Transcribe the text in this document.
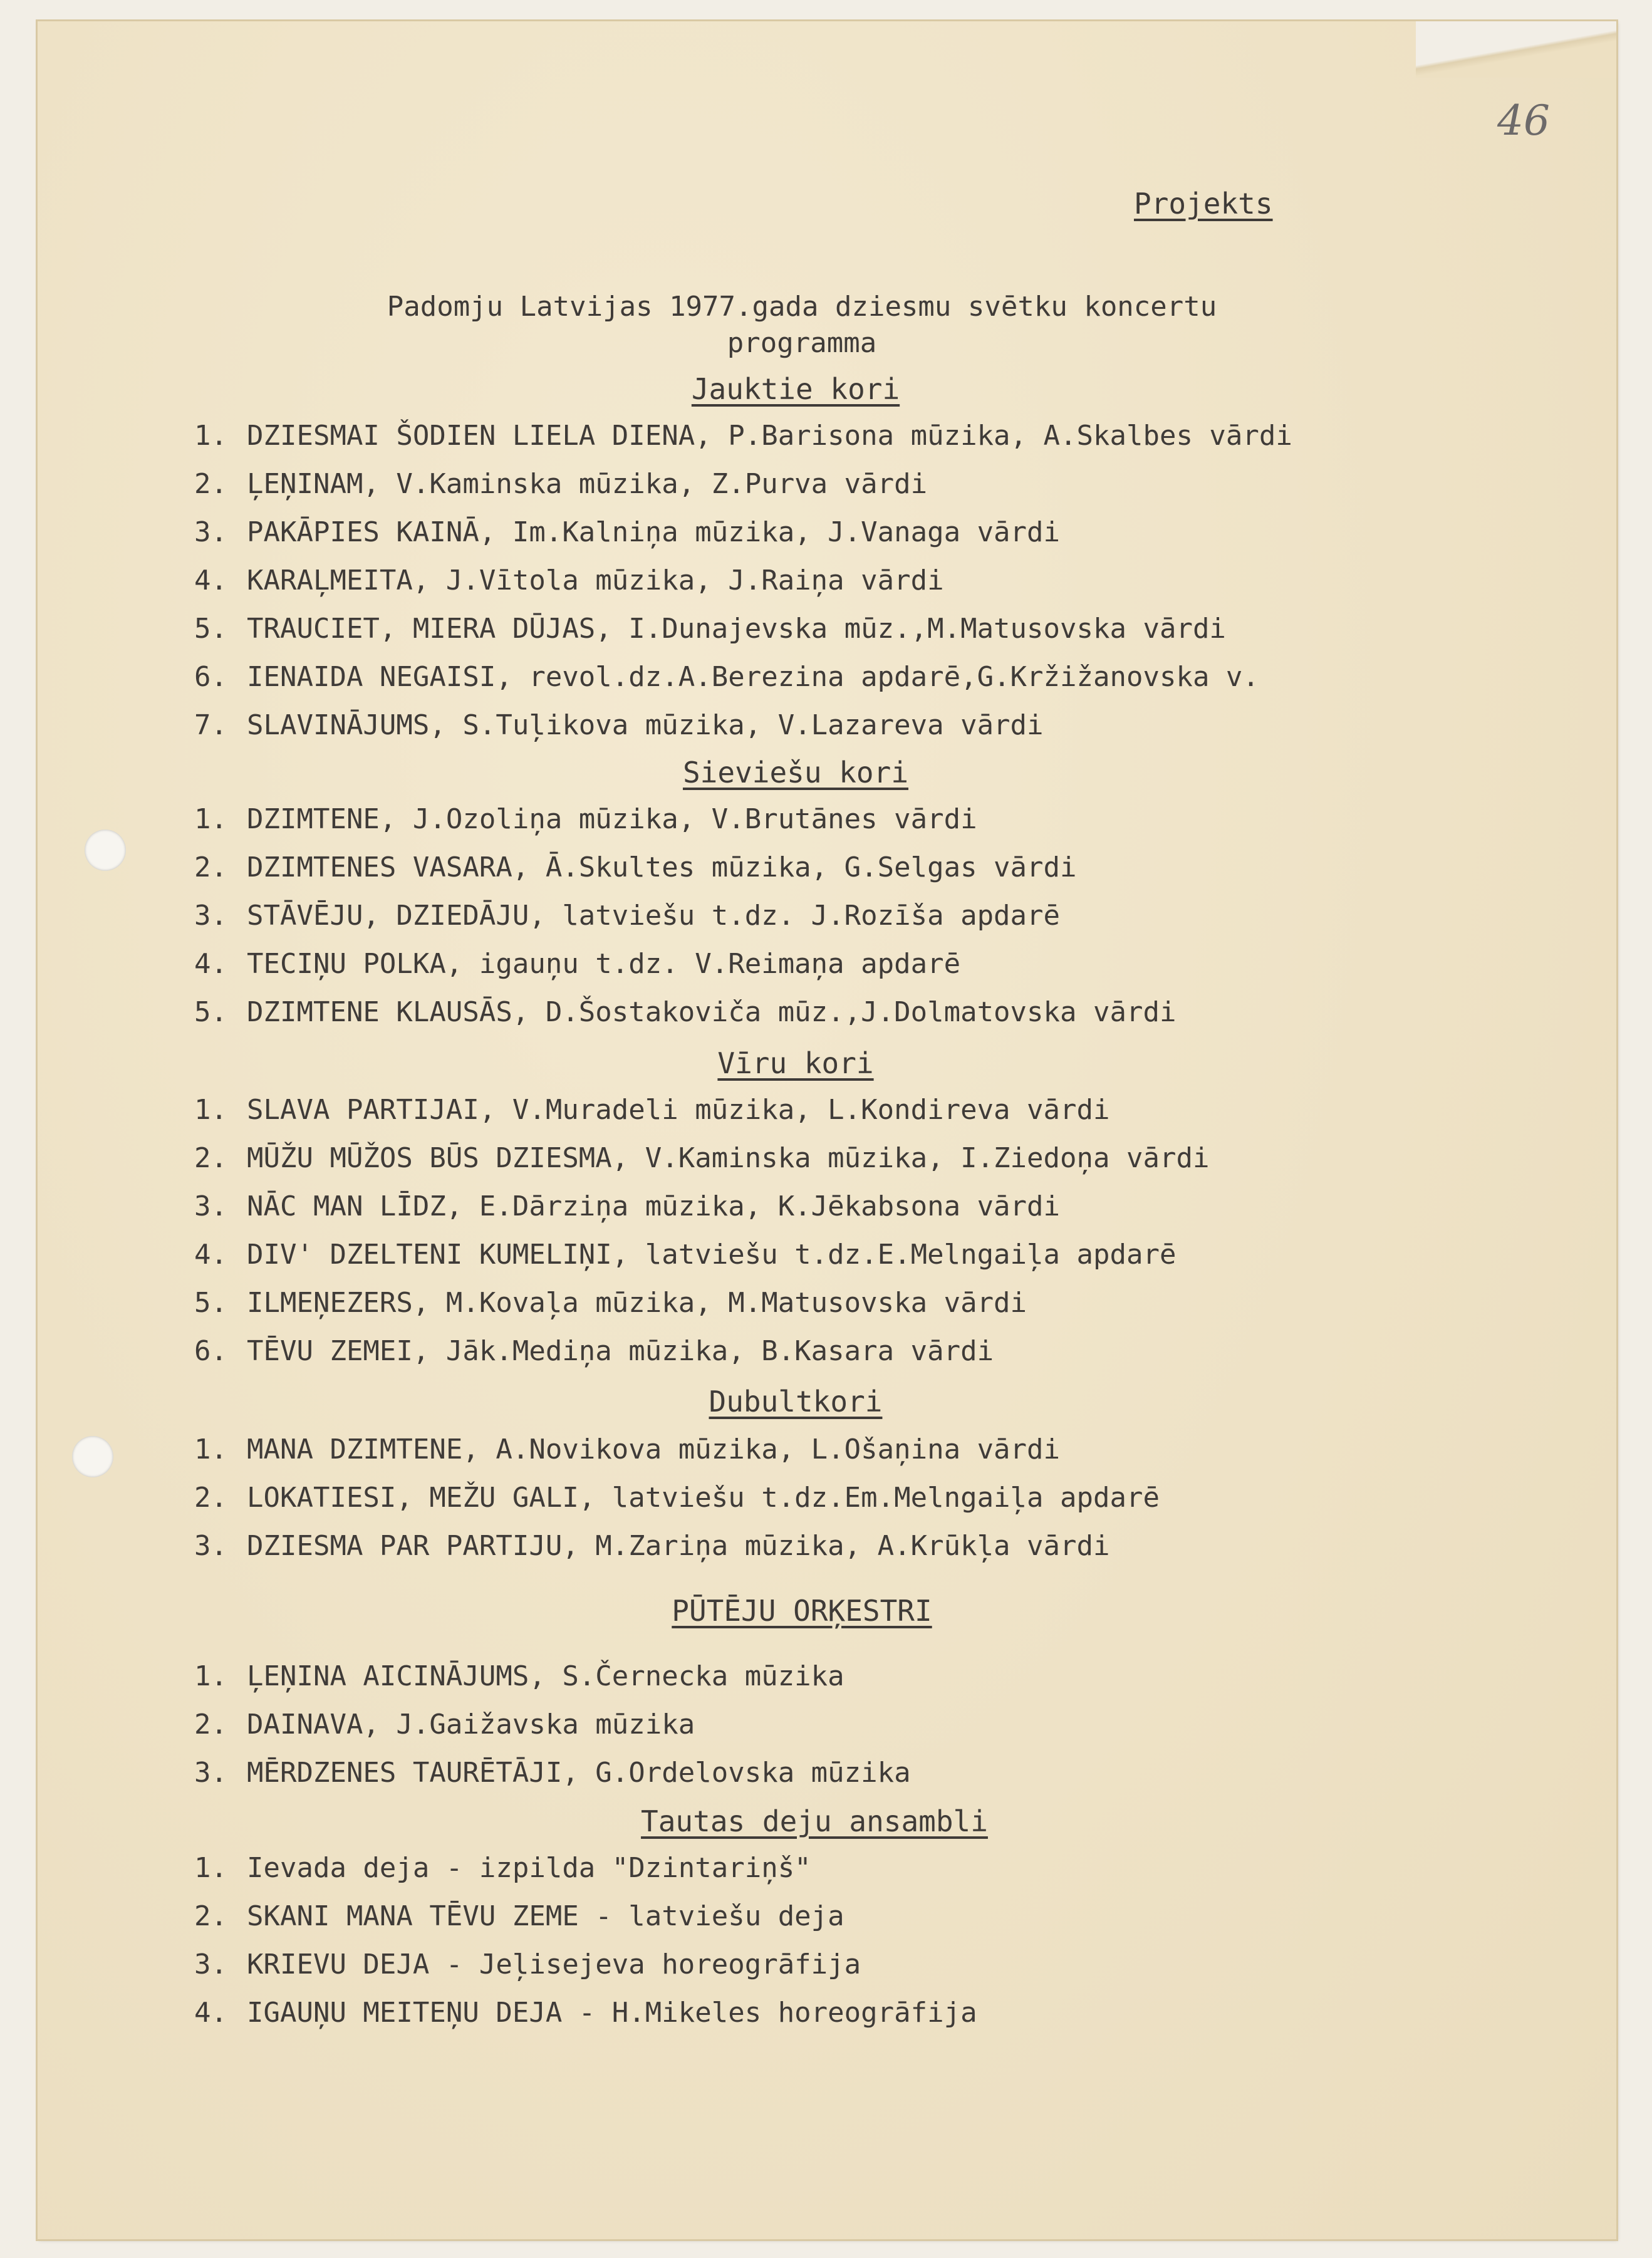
46
Projekts
Padomju Latvijas 1977.gada dziesmu svētku koncertu
programma
Jauktie kori
1. DZIESMAI ŠODIEN LIELA DIENA, P.Barisona mūzika, A.Skalbes vārdi
2. ĻEŅINAM, V.Kaminska mūzika, Z.Purva vārdi
3. PAKĀPIES KAINĀ, Im.Kalniņa mūzika, J.Vanaga vārdi
4. KARAĻMEITA, J.Vītola mūzika, J.Raiņa vārdi
5. TRAUCIET, MIERA DŪJAS, I.Dunajevska mūz.,M.Matusovska vārdi
6. IENAIDA NEGAISI, revol.dz.A.Berezina apdarē,G.Kržižanovska v.
7. SLAVINĀJUMS, S.Tuļikova mūzika, V.Lazareva vārdi
Sieviešu kori
1. DZIMTENE, J.Ozoliņa mūzika, V.Brutānes vārdi
2. DZIMTENES VASARA, Ā.Skultes mūzika, G.Selgas vārdi
3. STĀVĒJU, DZIEDĀJU, latviešu t.dz. J.Rozīša apdarē
4. TECIŅU POLKA, igauņu t.dz. V.Reimaņa apdarē
5. DZIMTENE KLAUSĀS, D.Šostakoviča mūz.,J.Dolmatovska vārdi
Vīru kori
1. SLAVA PARTIJAI, V.Muradeli mūzika, L.Kondireva vārdi
2. MŪŽU MŪŽOS BŪS DZIESMA, V.Kaminska mūzika, I.Ziedoņa vārdi
3. NĀC MAN LĪDZ, E.Dārziņa mūzika, K.Jēkabsona vārdi
4. DIV' DZELTENI KUMELIŅI, latviešu t.dz.E.Melngaiļa apdarē
5. ILMEŅEZERS, M.Kovaļa mūzika, M.Matusovska vārdi
6. TĒVU ZEMEI, Jāk.Mediņa mūzika, B.Kasara vārdi
Dubultkori
1. MANA DZIMTENE, A.Novikova mūzika, L.Ošaņina vārdi
2. LOKATIESI, MEŽU GALI, latviešu t.dz.Em.Melngaiļa apdarē
3. DZIESMA PAR PARTIJU, M.Zariņa mūzika, A.Krūkļa vārdi
PŪTĒJU ORĶESTRI
1. ĻEŅINA AICINĀJUMS, S.Černecka mūzika
2. DAINAVA, J.Gaižavska mūzika
3. MĒRDZENES TAURĒTĀJI, G.Ordelovska mūzika
Tautas deju ansambli
1. Ievada deja - izpilda "Dzintariņš"
2. SKANI MANA TĒVU ZEME - latviešu deja
3. KRIEVU DEJA - Jeļisejeva horeogrāfija
4. IGAUŅU MEITEŅU DEJA - H.Mikeles horeogrāfija
